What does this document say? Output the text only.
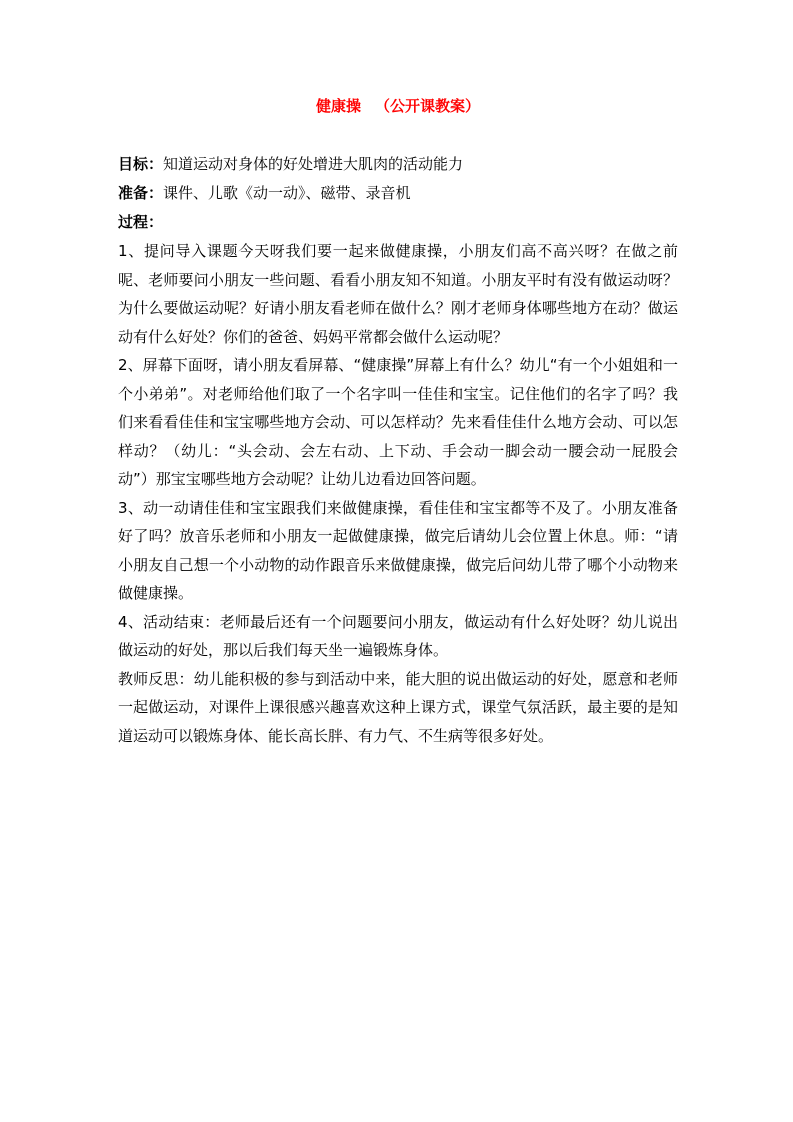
健康操 （公开课教案）

目标：知道运动对身体的好处增进大肌肉的活动能力

准备：课件、儿歌《动一动》、磁带、录音机

过程：

1、提问导入课题今天呀我们要一起来做健康操，小朋友们高不高兴呀？在做之前呢、老师要问小朋友一些问题、看看小朋友知不知道。小朋友平时有没有做运动呀？为什么要做运动呢？好请小朋友看老师在做什么？刚才老师身体哪些地方在动？做运动有什么好处？你们的爸爸、妈妈平常都会做什么运动呢？

2、屏幕下面呀，请小朋友看屏幕、“健康操”屏幕上有什么？幼儿“有一个小姐姐和一个小弟弟”。对老师给他们取了一个名字叫一佳佳和宝宝。记住他们的名字了吗？我们来看看佳佳和宝宝哪些地方会动、可以怎样动？先来看佳佳什么地方会动、可以怎样动？（幼儿：“头会动、会左右动、上下动、手会动一脚会动一腰会动一屁股会动”）那宝宝哪些地方会动呢？让幼儿边看边回答问题。

3、动一动请佳佳和宝宝跟我们来做健康操，看佳佳和宝宝都等不及了。小朋友准备好了吗？放音乐老师和小朋友一起做健康操，做完后请幼儿会位置上休息。师：“请小朋友自己想一个小动物的动作跟音乐来做健康操，做完后问幼儿带了哪个小动物来做健康操。

4、活动结束：老师最后还有一个问题要问小朋友，做运动有什么好处呀？幼儿说出做运动的好处，那以后我们每天坐一遍锻炼身体。

教师反思：幼儿能积极的参与到活动中来，能大胆的说出做运动的好处，愿意和老师一起做运动，对课件上课很感兴趣喜欢这种上课方式，课堂气氛活跃，最主要的是知道运动可以锻炼身体、能长高长胖、有力气、不生病等很多好处。
